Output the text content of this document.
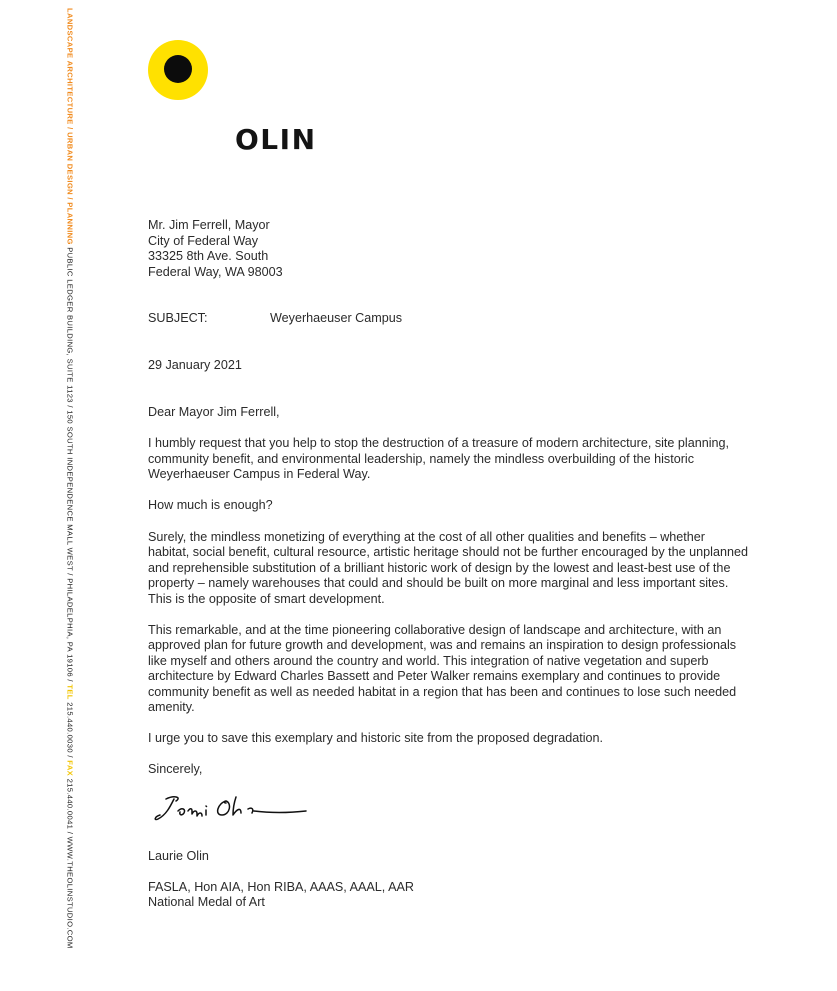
LANDSCAPE ARCHITECTURE / URBAN DESIGN / PLANNING PUBLIC LEDGER BUILDING, SUITE 1123 / 150 SOUTH INDEPENDENCE MALL WEST / PHILADELPHIA, PA 19106 / TEL 215.440.0030 / FAX 215.440.0041 / WWW.THEOLINSTUDIO.COM
OLIN

Mr. Jim Ferrell, Mayor

City of Federal Way

33325 8th Ave. South

Federal Way, WA 98003

SUBJECT:	Weyerhaeuser Campus

29 January 2021

Dear Mayor Jim Ferrell,

I humbly request that you help to stop the destruction of a treasure of modern architecture, site planning, community benefit, and environmental leadership, namely the mindless overbuilding of the historic Weyerhaeuser Campus in Federal Way.

How much is enough?

Surely, the mindless monetizing of everything at the cost of all other qualities and benefits – whether habitat, social benefit, cultural resource, artistic heritage should not be further encouraged by the unplanned and reprehensible substitution of a brilliant historic work of design by the lowest and least-best use of the property – namely warehouses that could and should be built on more marginal and less important sites. This is the opposite of smart development.

This remarkable, and at the time pioneering collaborative design of landscape and architecture, with an approved plan for future growth and development, was and remains an inspiration to design professionals like myself and others around the country and world. This integration of native vegetation and superb architecture by Edward Charles Bassett and Peter Walker remains exemplary and continues to provide community benefit as well as needed habitat in a region that has been and continues to lose such needed amenity.

I urge you to save this exemplary and historic site from the proposed degradation.

Sincerely,

Laurie Olin

FASLA, Hon AIA, Hon RIBA, AAAS, AAAL, AAR

National Medal of Art
